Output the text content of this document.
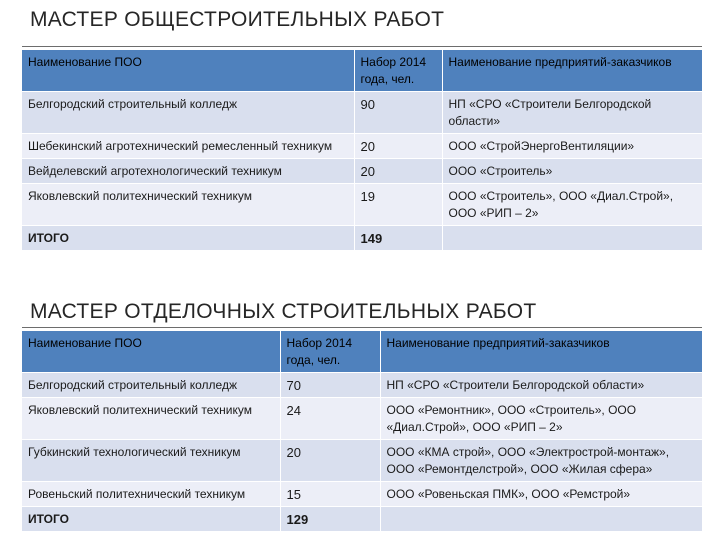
МАСТЕР ОБЩЕСТРОИТЕЛЬНЫХ РАБОТ
Наименование ПОО	Набор 2014 года, чел.	Наименование предприятий-заказчиков
Белгородский строительный колледж	90	НП «СРО «Строители Белгородской области»
Шебекинский агротехнический ремесленный техникум	20	ООО «СтройЭнергоВентиляции»
Вейделевский агротехнологический техникум	20	ООО «Строитель»
Яковлевский политехнический техникум	19	ООО «Строитель», ООО «Диал.Строй», ООО «РИП – 2»
ИТОГО	149	
МАСТЕР ОТДЕЛОЧНЫХ СТРОИТЕЛЬНЫХ РАБОТ
Наименование ПОО	Набор 2014 года, чел.	Наименование предприятий-заказчиков
Белгородский строительный колледж	70	НП «СРО «Строители Белгородской области»
Яковлевский политехнический техникум	24	ООО «Ремонтник», ООО «Строитель», ООО «Диал.Строй», ООО «РИП – 2»
Губкинский технологический техникум	20	ООО «КМА строй», ООО «Электрострой-монтаж», ООО «Ремонтделстрой», ООО «Жилая сфера»
Ровеньский политехнический техникум	15	ООО «Ровеньская ПМК», ООО «Ремстрой»
ИТОГО	129	
